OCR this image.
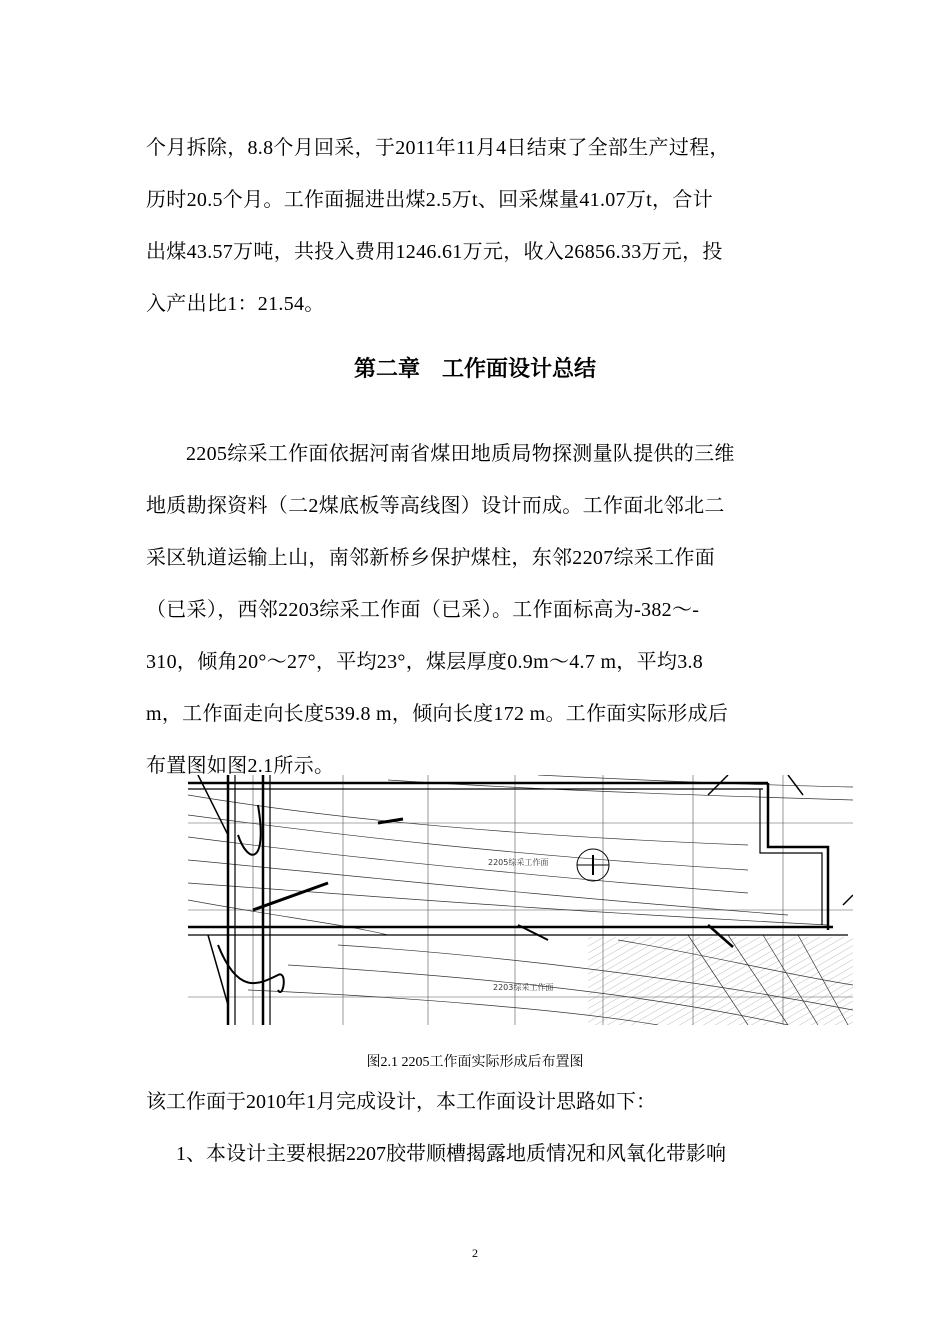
个月拆除，8.8个月回采，于2011年11月4日结束了全部生产过程，
历时20.5个月。工作面掘进出煤2.5万t、回采煤量41.07万t，合计
出煤43.57万吨，共投入费用1246.61万元，收入26856.33万元，投
入产出比1：21.54。
第二章　工作面设计总结
2205综采工作面依据河南省煤田地质局物探测量队提供的三维
地质勘探资料（二2煤底板等高线图）设计而成。工作面北邻北二
采区轨道运输上山，南邻新桥乡保护煤柱，东邻2207综采工作面
（已采），西邻2203综采工作面（已采）。工作面标高为-382～-
310，倾角20°～27°，平均23°，煤层厚度0.9m～4.7 m，平均3.8
m，工作面走向长度539.8 m，倾向长度172 m。工作面实际形成后
布置图如图2.1所示。
2205综采工作面
2203综采工作面
图2.1 2205工作面实际形成后布置图
该工作面于2010年1月完成设计，本工作面设计思路如下：
1、本设计主要根据2207胶带顺槽揭露地质情况和风氧化带影响
2
